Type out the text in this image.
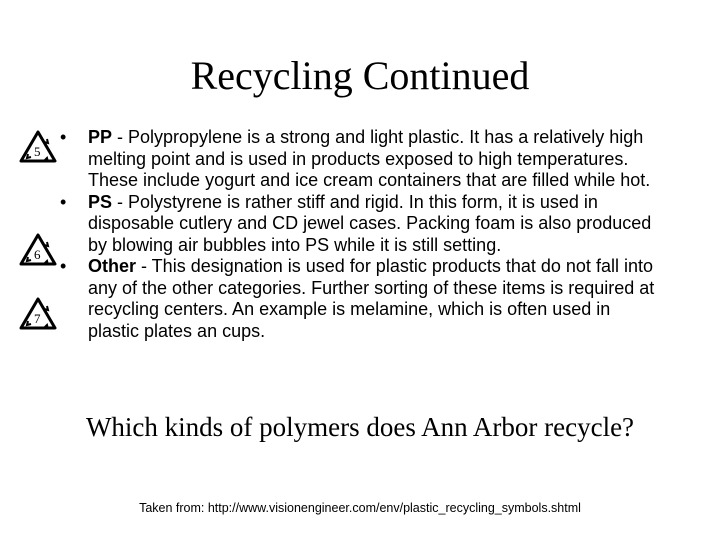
Recycling Continued
5
6
7
• PP - Polypropylene is a strong and light plastic. It has a relatively high melting point and is used in products exposed to high temperatures. These include yogurt and ice cream containers that are filled while hot.
• PS - Polystyrene is rather stiff and rigid. In this form, it is used in disposable cutlery and CD jewel cases. Packing foam is also produced by blowing air bubbles into PS while it is still setting.
• Other - This designation is used for plastic products that do not fall into any of the other categories. Further sorting of these items is required at recycling centers. An example is melamine, which is often used in plastic plates an cups.
Which kinds of polymers does Ann Arbor recycle?
Taken from: http://www.visionengineer.com/env/plastic_recycling_symbols.shtml
